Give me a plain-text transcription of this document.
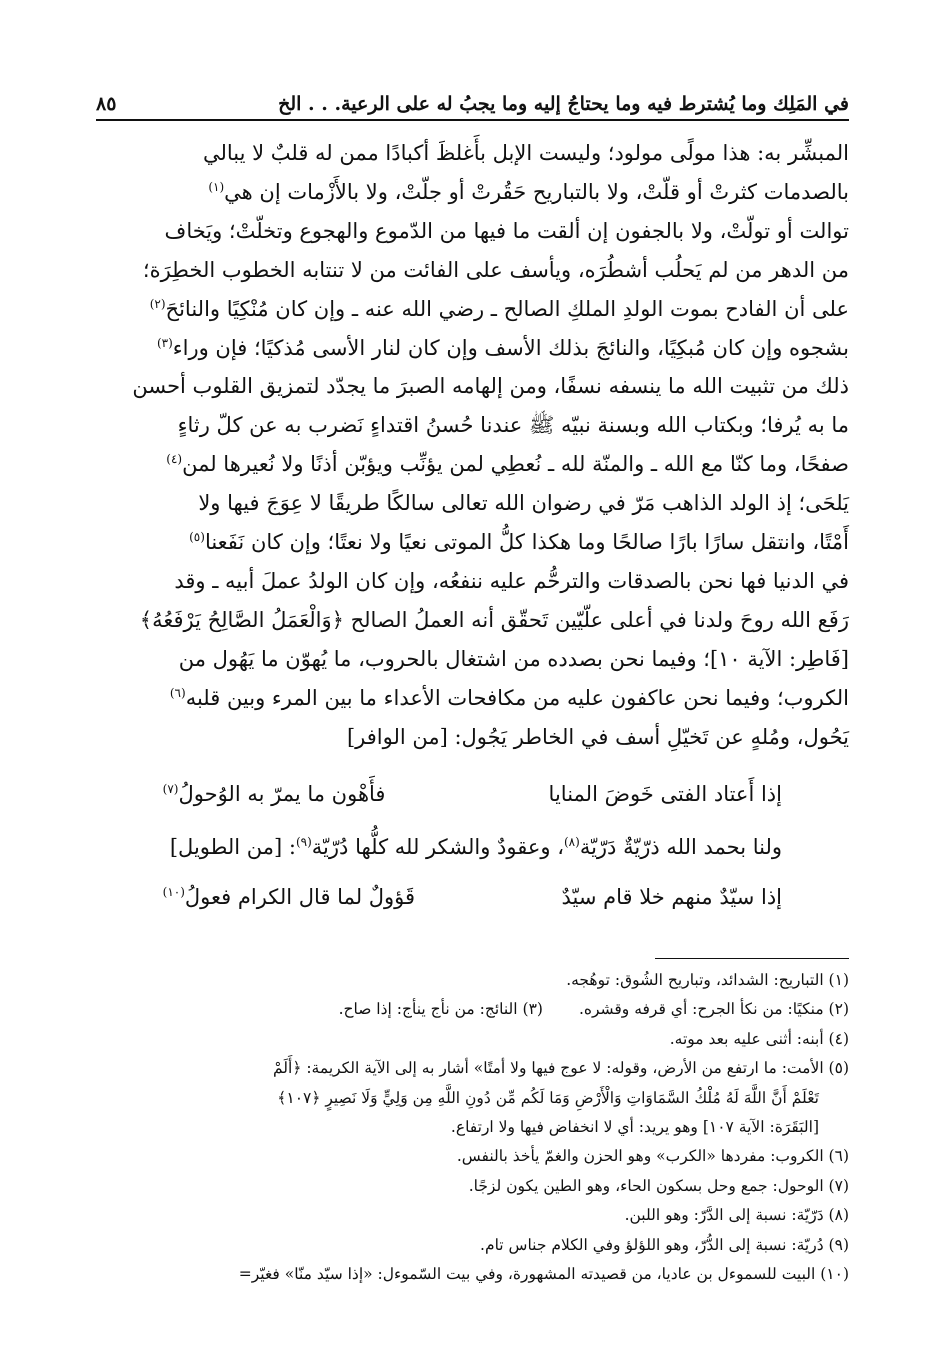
في المَلِك وما يُشترط فيه وما يحتاجُ إليه وما يجبُ له على الرعية. . . الخ
٨٥

المبشِّر به: هذا مولًى مولود؛ وليست الإبل بأَغلظَ أكبادًا ممن له قلبٌ لا يبالي

بالصدمات كثرتْ أو قلّتْ، ولا بالتباريح حَقُرتْ أو جلّتْ، ولا بالأَزْمات إن هي$^{(١)}$

توالت أو تولّتْ، ولا بالجفون إن ألقت ما فيها من الدّموع والهجوع وتخلّتْ؛ ويَخاف

من الدهر من لم يَحلُب أشطُرَه، ويأسف على الفائت من لا تنتابه الخطوب الخطِرَة؛

على أن الفادح بموت الولدِ الملكِ الصالح ـ رضي الله عنه ـ وإن كان مُنْكِيًا والنائحَ$^{(٢)}$

بشجوه وإن كان مُبكِيًا، والنائجَ بذلك الأسف وإن كان لنار الأسى مُذكيًا؛ فإن وراء$^{(٣)}$

ذلك من تثبيت الله ما ينسفه نسفًا، ومن إلهامه الصبرَ ما يجدّد لتمزيق القلوب أحسن

ما به يُرفا؛ وبكتاب الله وبسنة نبيّه ﷺ عندنا حُسنُ اقتداءٍ نَضرب به عن كلّ رثاءٍ

صفحًا، وما كنّا مع الله ـ والمنّة لله ـ نُعطِي لمن يؤنِّب ويؤبّن أذنًا ولا نُعيرها لمن$^{(٤)}$

يَلحَى؛ إذ الولد الذاهب مَرّ في رضوان الله تعالى سالكًا طريقًا لا عِوَجَ فيها ولا

أَمْتًا، وانتقل سارًا بارًا صالحًا وما هكذا كلُّ الموتى نعيًا ولا نعتًا؛ وإن كان نَفَعنا$^{(٥)}$

في الدنيا فها نحن بالصدقات والترحُّم عليه ننفعُه، وإن كان الولدُ عملَ أبيه ـ وقد

رَفَع الله روحَ ولدنا في أعلى علّيّين تَحقّق أنه العملُ الصالح ﴿وَالْعَمَلُ الصَّالِحُ يَرْفَعُهُ﴾

[فَاطِر: الآية ١٠]؛ وفيما نحن بصدده من اشتغال بالحروب، ما يُهوّن ما يَهُول من

الكروب؛ وفيما نحن عاكفون عليه من مكافحات الأعداء ما بين المرء وبين قلبه$^{(٦)}$

يَحُول، ومُلهٍ عن تَخيّلِ أسف في الخاطر يَجُول: [من الوافر]

إذا أَعتاد الفتى خَوضَ المنايافأَهْون ما يمرّ به الوُحولُ$^{(٧)}$
ولنا بحمد الله ذرّيّةٌ دَرّيّة$^{(٨)}$، وعقودٌ والشكر لله كلُّها دُرّيّة$^{(٩)}$: [من الطويل]
إذا سيّدٌ منهم خلا قام سيّدٌقَؤولٌ لما قال الكرام فعولُ$^{(١٠)}$
(١) التباريح: الشدائد، وتباريح الشُوق: توهُجه.
(٢) منكيًا: من نكأ الجرح: أي قرفه وقشره.(٣) النائج: من نأج ينأج: إذا صاح.
(٤) أبنه: أثنى عليه بعد موته.
(٥) الأمت: ما ارتفع من الأرض، وقوله: لا عوج فيها ولا أمتًا» أشار به إلى الآية الكريمة: ﴿أَلَمْ
تَعْلَمْ أَنَّ اللَّهَ لَهُ مُلْكُ السَّمَاوَاتِ وَالْأَرْضِ وَمَا لَكُم مِّن دُونِ اللَّهِ مِن وَلِيٍّ وَلَا نَصِيرٍ ﴿١٠٧﴾
[البَقَرَة: الآية ١٠٧] وهو يريد: أي لا انخفاض فيها ولا ارتفاع.
(٦) الكروب: مفردها «الكرب» وهو الحزن والغمّ يأخذ بالنفس.
(٧) الوحول: جمع وحل بسكون الحاء، وهو الطين يكون لزجًا.
(٨) دَرّيّة: نسبة إلى الدَّرّ: وهو اللبن.
(٩) دُريّة: نسبة إلى الدُّرّ، وهو اللؤلؤ وفي الكلام جناس تام.
(١٠) البيت للسموءل بن عاديا، من قصيدته المشهورة، وفي بيت السّموءل: «إذا سيّد منّا» فغيّر=
